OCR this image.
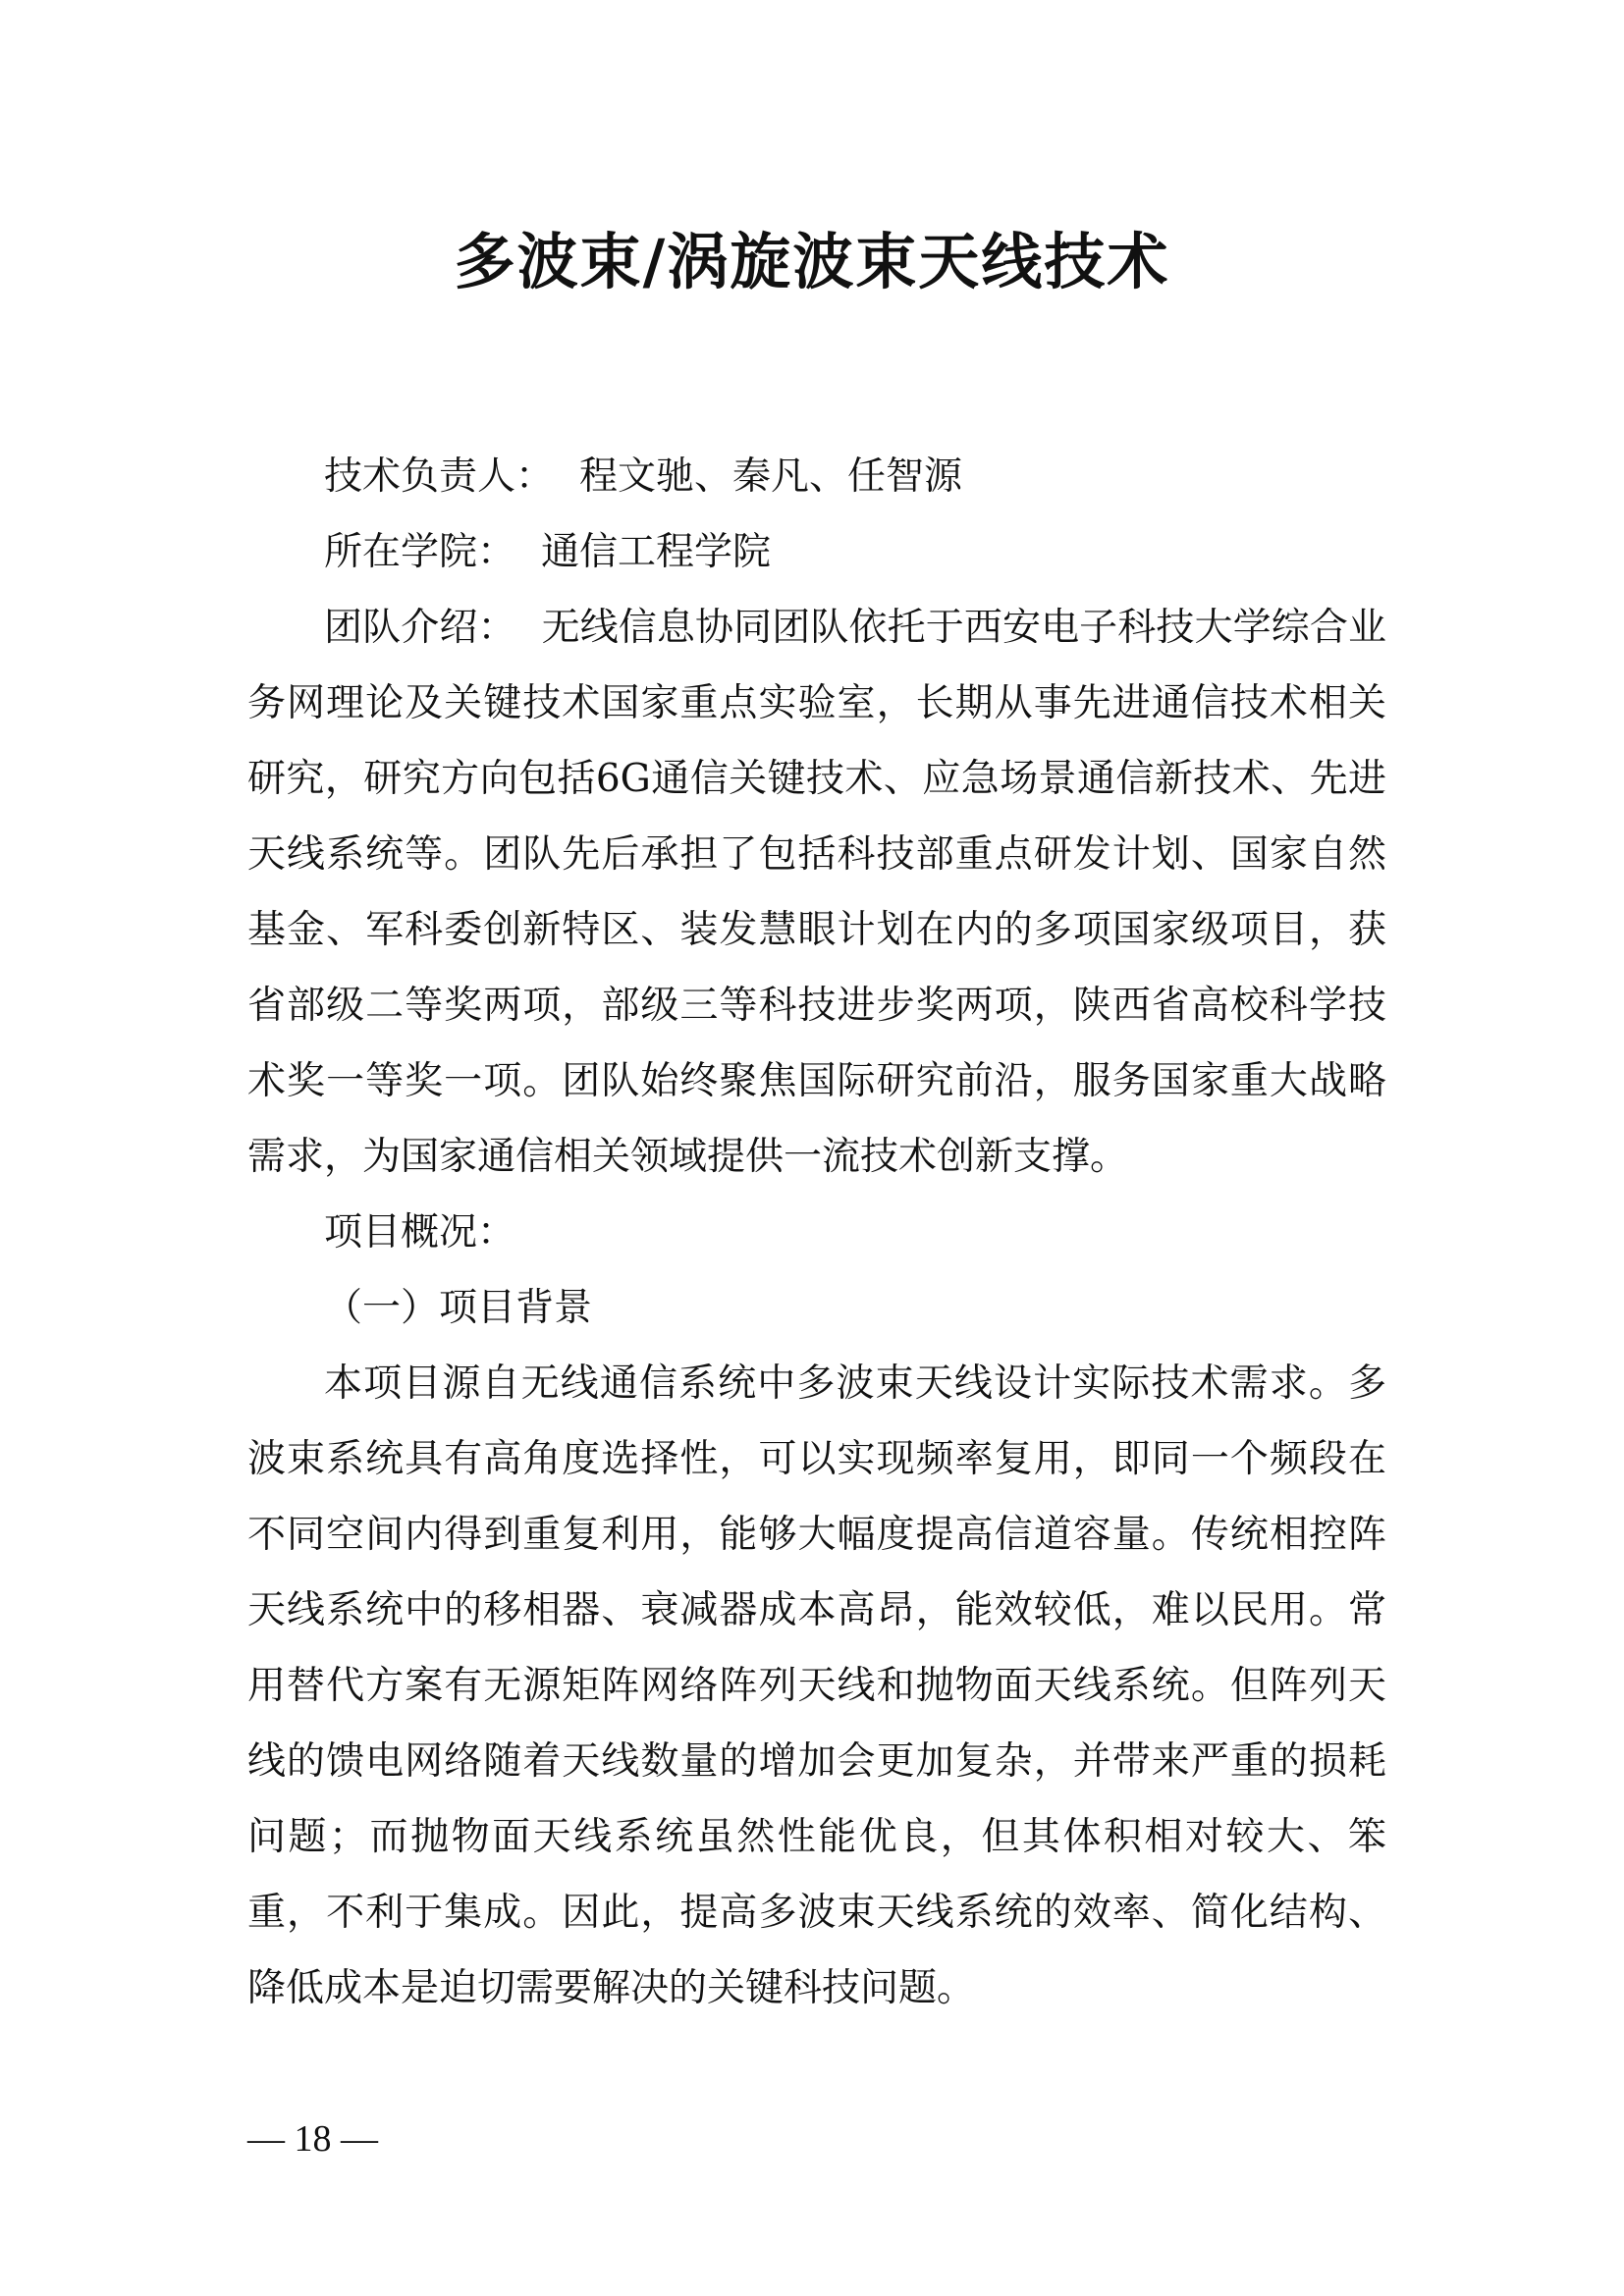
多波束/涡旋波束天线技术

技术负责人： 程文驰、秦凡、任智源

所在学院： 通信工程学院

团队介绍： 无线信息协同团队依托于西安电子科技大学综合业务网理论及关键技术国家重点实验室，长期从事先进通信技术相关研究，研究方向包括6G通信关键技术、应急场景通信新技术、先进天线系统等。团队先后承担了包括科技部重点研发计划、国家自然基金、军科委创新特区、装发慧眼计划在内的多项国家级项目，获省部级二等奖两项，部级三等科技进步奖两项，陕西省高校科学技术奖一等奖一项。团队始终聚焦国际研究前沿，服务国家重大战略需求，为国家通信相关领域提供一流技术创新支撑。

项目概况：

（一）项目背景

本项目源自无线通信系统中多波束天线设计实际技术需求。多波束系统具有高角度选择性，可以实现频率复用，即同一个频段在不同空间内得到重复利用，能够大幅度提高信道容量。传统相控阵天线系统中的移相器、衰减器成本高昂，能效较低，难以民用。常用替代方案有无源矩阵网络阵列天线和抛物面天线系统。但阵列天线的馈电网络随着天线数量的增加会更加复杂，并带来严重的损耗问题；而抛物面天线系统虽然性能优良，但其体积相对较大、笨重，不利于集成。因此，提高多波束天线系统的效率、简化结构、降低成本是迫切需要解决的关键科技问题。

— 18 —
